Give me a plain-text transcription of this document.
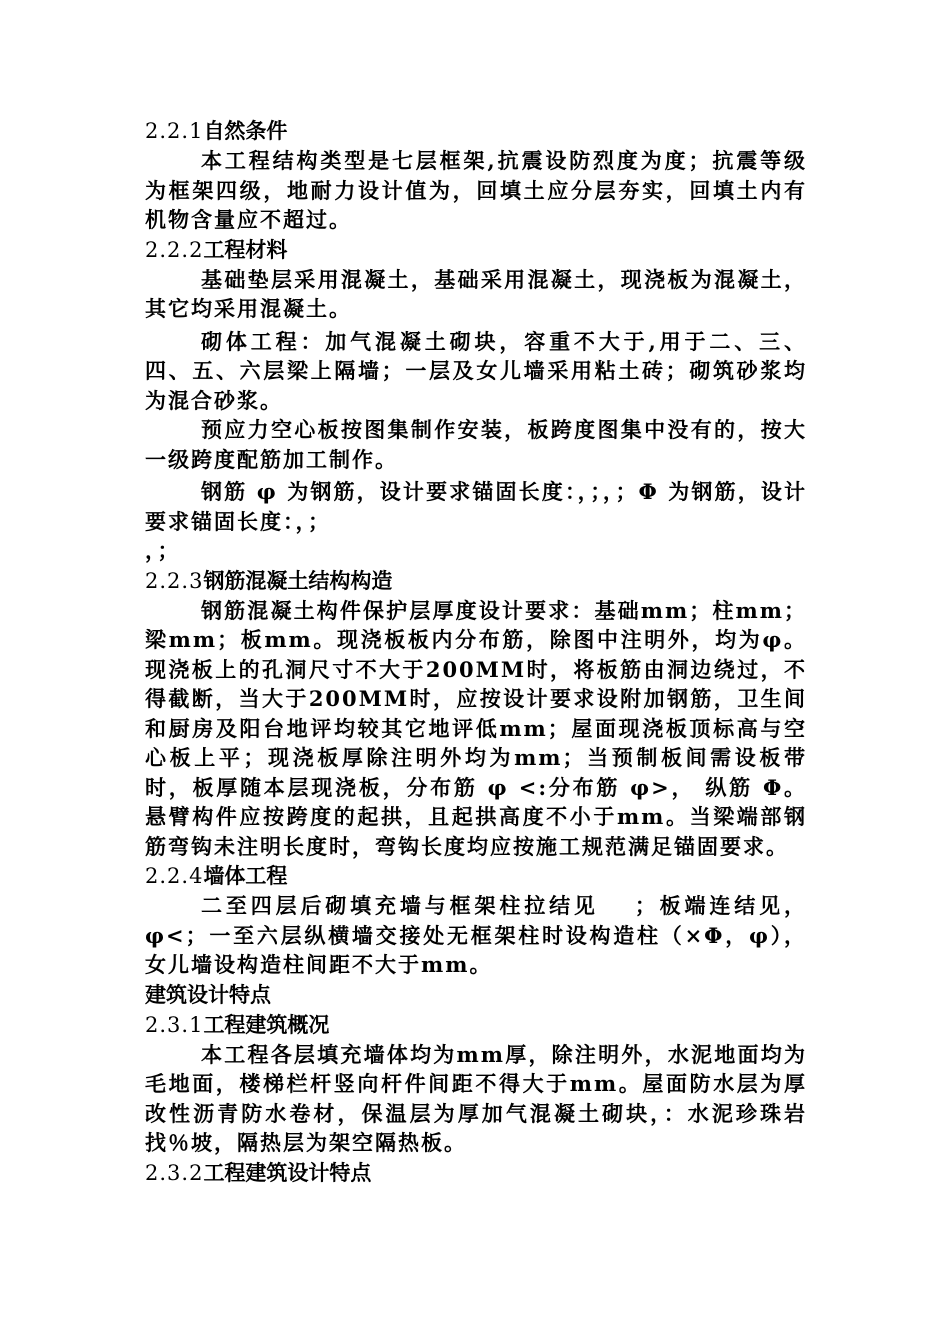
2.2.1自然条件

本工程结构类型是七层框架,抗震设防烈度为度；抗震等级为框架四级，地耐力设计值为，回填土应分层夯实，回填土内有机物含量应不超过。

2.2.2工程材料

基础垫层采用混凝土，基础采用混凝土，现浇板为混凝土，其它均采用混凝土。

砌体工程：加气混凝土砌块，容重不大于,用于二、三、四、五、六层梁上隔墙；一层及女儿墙采用粘土砖；砌筑砂浆均为混合砂浆。

预应力空心板按图集制作安装，板跨度图集中没有的，按大一级跨度配筋加工制作。

钢筋 φ 为钢筋，设计要求锚固长度：，；，；Φ 为钢筋，设计要求锚固长度：，；

，；

2.2.3钢筋混凝土结构构造

钢筋混凝土构件保护层厚度设计要求：基础mm；柱mm；梁mm；板mm。现浇板板内分布筋，除图中注明外，均为φ。现浇板上的孔洞尺寸不大于200MM时，将板筋由洞边绕过，不得截断，当大于200MM时，应按设计要求设附加钢筋，卫生间和厨房及阳台地评均较其它地评低mm；屋面现浇板顶标高与空心板上平；现浇板厚除注明外均为mm；当预制板间需设板带时，板厚随本层现浇板，分布筋 φ <:分布筋 φ>， 纵筋 Φ。悬臂构件应按跨度的起拱，且起拱高度不小于mm。当梁端部钢筋弯钩未注明长度时，弯钩长度均应按施工规范满足锚固要求。

2.2.4墙体工程

二至四层后砌填充墙与框架柱拉结见　 ；板端连结见，φ<；一至六层纵横墙交接处无框架柱时设构造柱（×Φ，φ），女儿墙设构造柱间距不大于mm。

建筑设计特点

2.3.1工程建筑概况

本工程各层填充墙体均为mm厚，除注明外，水泥地面均为毛地面，楼梯栏杆竖向杆件间距不得大于mm。屋面防水层为厚改性沥青防水卷材，保温层为厚加气混凝土砌块，：水泥珍珠岩找％坡，隔热层为架空隔热板。

2.3.2工程建筑设计特点
